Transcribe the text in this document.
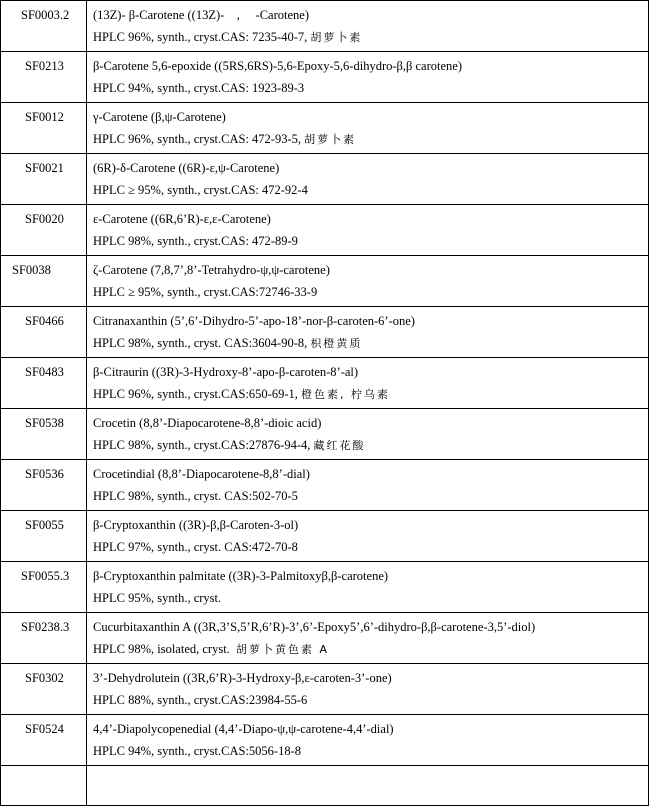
SF0003.2	(13Z)- β-Carotene ((13Z)-    ,     -Carotene)
HPLC 96%, synth., cryst.CAS: 7235-40-7, 胡萝卜素

SF0213	β-Carotene 5,6-epoxide ((5RS,6RS)-5,6-Epoxy-5,6-dihydro-β,β carotene)
HPLC 94%, synth., cryst.CAS: 1923-89-3

SF0012	γ-Carotene (β,ψ-Carotene)
HPLC 96%, synth., cryst.CAS: 472-93-5, 胡萝卜素

SF0021	(6R)-δ-Carotene ((6R)-ε,ψ-Carotene)
HPLC ≥ 95%, synth., cryst.CAS: 472-92-4

SF0020	ε-Carotene ((6R,6’R)-ε,ε-Carotene)
HPLC 98%, synth., cryst.CAS: 472-89-9

SF0038	ζ-Carotene (7,8,7’,8’-Tetrahydro-ψ,ψ-carotene)
HPLC ≥ 95%, synth., cryst.CAS:72746-33-9

SF0466	Citranaxanthin (5’,6’-Dihydro-5’-apo-18’-nor-β-caroten-6’-one)
HPLC 98%, synth., cryst. CAS:3604-90-8, 枳橙黄质

SF0483	β-Citraurin ((3R)-3-Hydroxy-8’-apo-β-caroten-8’-al)
HPLC 96%, synth., cryst.CAS:650-69-1, 橙色素, 柠乌素

SF0538	Crocetin (8,8’-Diapocarotene-8,8’-dioic acid)
HPLC 98%, synth., cryst.CAS:27876-94-4, 藏红花酸

SF0536	Crocetindial (8,8’-Diapocarotene-8,8’-dial)
HPLC 98%, synth., cryst. CAS:502-70-5

SF0055	β-Cryptoxanthin ((3R)-β,β-Caroten-3-ol)
HPLC 97%, synth., cryst. CAS:472-70-8

SF0055.3	β-Cryptoxanthin palmitate ((3R)-3-Palmitoxyβ,β-carotene)
HPLC 95%, synth., cryst.

SF0238.3	Cucurbitaxanthin A ((3R,3’S,5’R,6’R)-3’,6’-Epoxy5’,6’-dihydro-β,β-carotene-3,5’-diol)
HPLC 98%, isolated, cryst. 胡萝卜黄色素 A

SF0302	3’-Dehydrolutein ((3R,6’R)-3-Hydroxy-β,ε-caroten-3’-one)
HPLC 88%, synth., cryst.CAS:23984-55-6

SF0524	4,4’-Diapolycopenedial (4,4’-Diapo-ψ,ψ-carotene-4,4’-dial)
HPLC 94%, synth., cryst.CAS:5056-18-8
